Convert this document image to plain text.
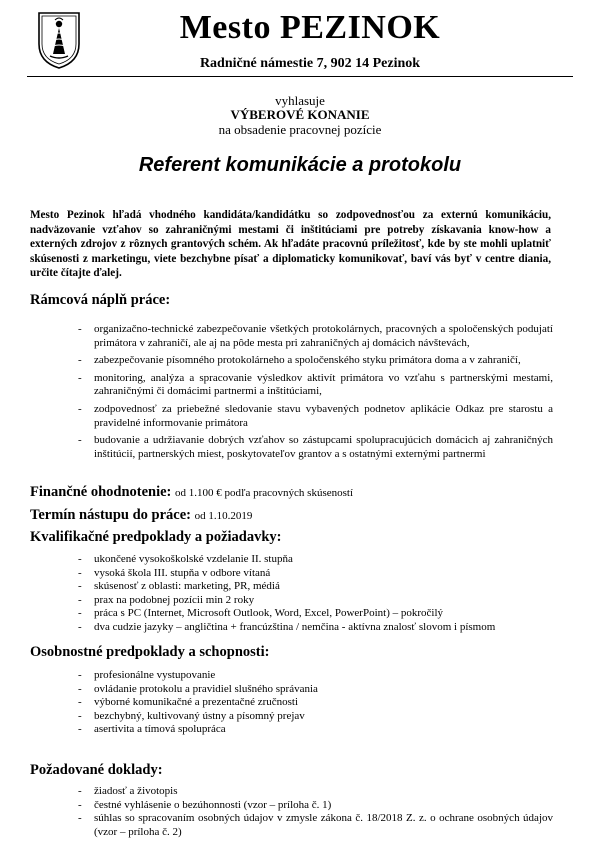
Mesto PEZINOK
Radničné námestie 7, 902 14 Pezinok
vyhlasuje
VÝBEROVÉ KONANIE
na obsadenie pracovnej pozície
Referent komunikácie a protokolu
Mesto Pezinok hľadá vhodného kandidáta/kandidátku so zodpovednosťou za externú komunikáciu, nadväzovanie vzťahov so zahraničnými mestami či inštitúciami pre potreby získavania know-how a externých zdrojov z rôznych grantových schém. Ak hľadáte pracovnú príležitosť, kde by ste mohli uplatniť skúsenosti z marketingu, viete bezchybne písať a diplomaticky komunikovať, baví vás byť v centre diania, určite čítajte ďalej.
Rámcová náplň práce:
- organizačno-technické zabezpečovanie všetkých protokolárnych, pracovných a spoločenských podujatí primátora v zahraničí, ale aj na pôde mesta pri zahraničných aj domácich návštevách,
- zabezpečovanie písomného protokolárneho a spoločenského styku primátora doma a v zahraničí,
- monitoring, analýza a spracovanie výsledkov aktivít primátora vo vzťahu s partnerskými mestami, zahraničnými či domácimi partnermi a inštitúciami,
- zodpovednosť za priebežné sledovanie stavu vybavených podnetov aplikácie Odkaz pre starostu a pravidelné informovanie primátora
- budovanie a udržiavanie dobrých vzťahov so zástupcami spolupracujúcich domácich aj zahraničných inštitúcií, partnerských miest, poskytovateľov grantov a s ostatnými externými partnermi
Finančné ohodnotenie: od 1.100 € podľa pracovných skúseností
Termín nástupu do práce: od 1.10.2019
Kvalifikačné predpoklady a požiadavky:
- ukončené vysokoškolské vzdelanie II. stupňa
- vysoká škola III. stupňa v odbore vítaná
- skúsenosť z oblasti: marketing, PR, médiá
- prax na podobnej pozícii min 2 roky
- práca s PC (Internet, Microsoft Outlook, Word, Excel, PowerPoint) – pokročilý
- dva cudzie jazyky – angličtina + francúzština / nemčina - aktívna znalosť slovom i písmom
Osobnostné predpoklady a schopnosti:
- profesionálne vystupovanie
- ovládanie protokolu a pravidiel slušného správania
- výborné komunikačné a prezentačné zručnosti
- bezchybný, kultivovaný ústny a písomný prejav
- asertivita a tímová spolupráca
Požadované doklady:
- žiadosť a životopis
- čestné vyhlásenie o bezúhonnosti (vzor – príloha č. 1)
- súhlas so spracovaním osobných údajov v zmysle zákona č. 18/2018 Z. z. o ochrane osobných údajov (vzor – príloha č. 2)
